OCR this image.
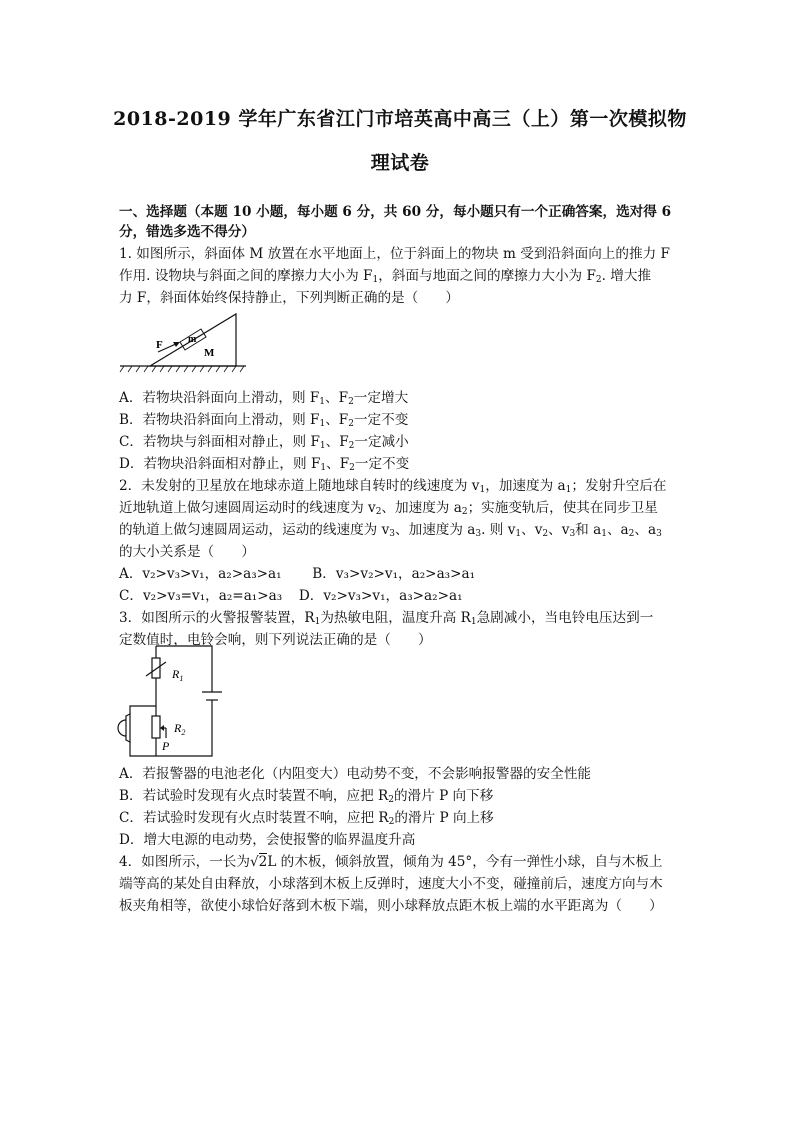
2018-2019 学年广东省江门市培英高中高三（上）第一次模拟物
理试卷
一、选择题（本题 10 小题，每小题 6 分，共 60 分，每小题只有一个正确答案，选对得 6
分，错选多选不得分）
1. 如图所示，斜面体 M 放置在水平地面上，位于斜面上的物块 m 受到沿斜面向上的推力 F
作用. 设物块与斜面之间的摩擦力大小为 $F_1$，斜面与地面之间的摩擦力大小为 $F_2$. 增大推
力 F，斜面体始终保持静止，下列判断正确的是（　　）
F	m
M
A．若物块沿斜面向上滑动，则 $F_1$、$F_2$一定增大
B．若物块沿斜面向上滑动，则 $F_1$、$F_2$一定不变
C．若物块与斜面相对静止，则 $F_1$、$F_2$一定减小
D．若物块沿斜面相对静止，则 $F_1$、$F_2$一定不变
2．未发射的卫星放在地球赤道上随地球自转时的线速度为 $v_1$，加速度为 $a_1$；发射升空后在
近地轨道上做匀速圆周运动时的线速度为 $v_2$、加速度为 $a_2$；实施变轨后，使其在同步卫星
的轨道上做匀速圆周运动，运动的线速度为 $v_3$、加速度为 $a_3$. 则 $v_1$、$v_2$、$v_3$和 $a_1$、$a_2$、$a_3$
的大小关系是（　　）
A．v₂>v₃>v₁，a₂>a₃>a₁ B．v₃>v₂>v₁，a₂>a₃>a₁
C．v₂>v₃=v₁，a₂=a₁>a₃ D．v₂>v₃>v₁，a₃>a₂>a₁
3．如图所示的火警报警装置，$R_1$为热敏电阻，温度升高 $R_1$急剧减小，当电铃电压达到一
定数值时，电铃会响，则下列说法正确的是（　　）
$R_1$
$R_2$
P
A．若报警器的电池老化（内阻变大）电动势不变，不会影响报警器的安全性能
B．若试验时发现有火点时装置不响，应把 $R_2$的滑片 P 向下移
C．若试验时发现有火点时装置不响，应把 $R_2$的滑片 P 向上移
D．增大电源的电动势，会使报警的临界温度升高
4．如图所示，一长为√2L 的木板，倾斜放置，倾角为 45°，今有一弹性小球，自与木板上
端等高的某处自由释放，小球落到木板上反弹时，速度大小不变，碰撞前后，速度方向与木
板夹角相等，欲使小球恰好落到木板下端，则小球释放点距木板上端的水平距离为（　　）
